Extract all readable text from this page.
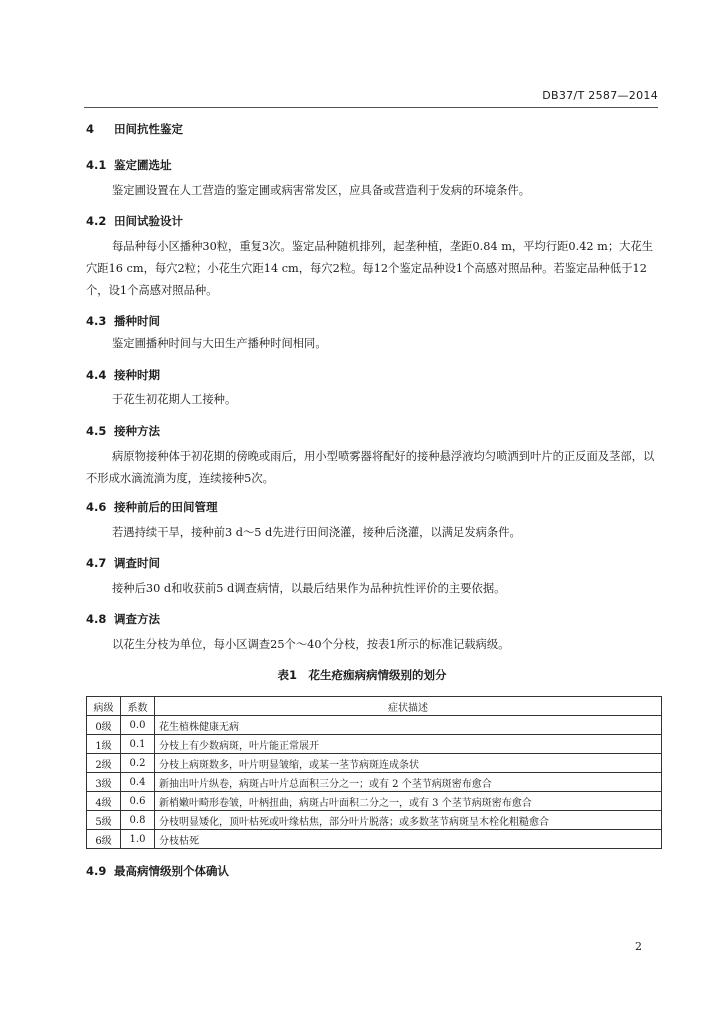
DB37/T 2587—2014
4 田间抗性鉴定
4.1 鉴定圃选址
鉴定圃设置在人工营造的鉴定圃或病害常发区，应具备或营造利于发病的环境条件。
4.2 田间试验设计
每品种每小区播种30粒，重复3次。鉴定品种随机排列，起垄种植，垄距0.84 m，平均行距0.42 m；大花生穴距16 cm，每穴2粒；小花生穴距14 cm，每穴2粒。每12个鉴定品种设1个高感对照品种。若鉴定品种低于12个，设1个高感对照品种。
4.3 播种时间
鉴定圃播种时间与大田生产播种时间相同。
4.4 接种时期
于花生初花期人工接种。
4.5 接种方法
病原物接种体于初花期的傍晚或雨后，用小型喷雾器将配好的接种悬浮液均匀喷洒到叶片的正反面及茎部，以不形成水滴流淌为度，连续接种5次。
4.6 接种前后的田间管理
若遇持续干旱，接种前3 d～5 d先进行田间浇灌，接种后浇灌，以满足发病条件。
4.7 调查时间
接种后30 d和收获前5 d调查病情，以最后结果作为品种抗性评价的主要依据。
4.8 调查方法
以花生分枝为单位，每小区调查25个～40个分枝，按表1所示的标准记载病级。
表1　花生疮痂病病情级别的划分
病级	系数	症状描述
0级	0.0	花生植株健康无病
1级	0.1	分枝上有少数病斑，叶片能正常展开
2级	0.2	分枝上病斑数多，叶片明显皱缩，或某一茎节病斑连成条状
3级	0.4	新抽出叶片纵卷，病斑占叶片总面积三分之一；或有 2 个茎节病斑密布愈合
4级	0.6	新梢嫩叶畸形卷皱，叶柄扭曲，病斑占叶面积二分之一，或有 3 个茎节病斑密布愈合
5级	0.8	分枝明显矮化，顶叶枯死或叶缘枯焦，部分叶片脱落；或多数茎节病斑呈木栓化粗糙愈合
6级	1.0	分枝枯死
4.9 最高病情级别个体确认
2
